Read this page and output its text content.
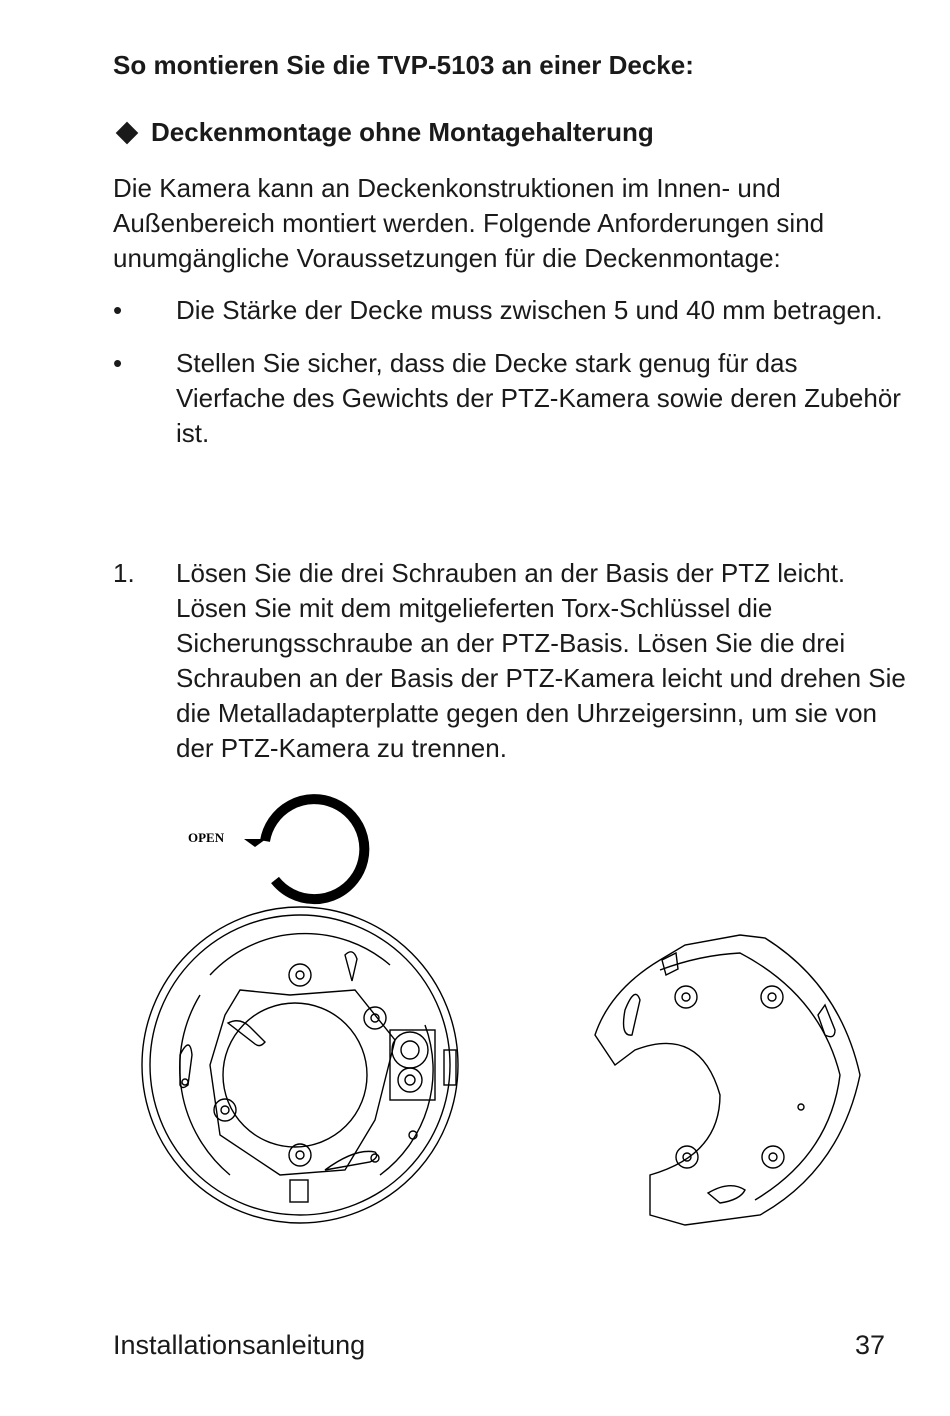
So montieren Sie die TVP-5103 an einer Decke:
Deckenmontage ohne Montagehalterung

Die Kamera kann an Deckenkonstruktionen im Innen- und Außenbereich montiert werden. Folgende Anforderungen sind unumgängliche Voraussetzungen für die Deckenmontage:

• Die Stärke der Decke muss zwischen 5 und 40 mm betragen.
• Stellen Sie sicher, dass die Decke stark genug für das Vierfache des Gewichts der PTZ-Kamera sowie deren Zubehör ist.
1. Lösen Sie die drei Schrauben an der Basis der PTZ leicht. Lösen Sie mit dem mitgelieferten Torx-Schlüssel die Sicherungsschraube an der PTZ-Basis. Lösen Sie die drei Schrauben an der Basis der PTZ-Kamera leicht und drehen Sie die Metalladapterplatte gegen den Uhrzeigersinn, um sie von der PTZ-Kamera zu trennen.
OPEN
Installationsanleitung	37
